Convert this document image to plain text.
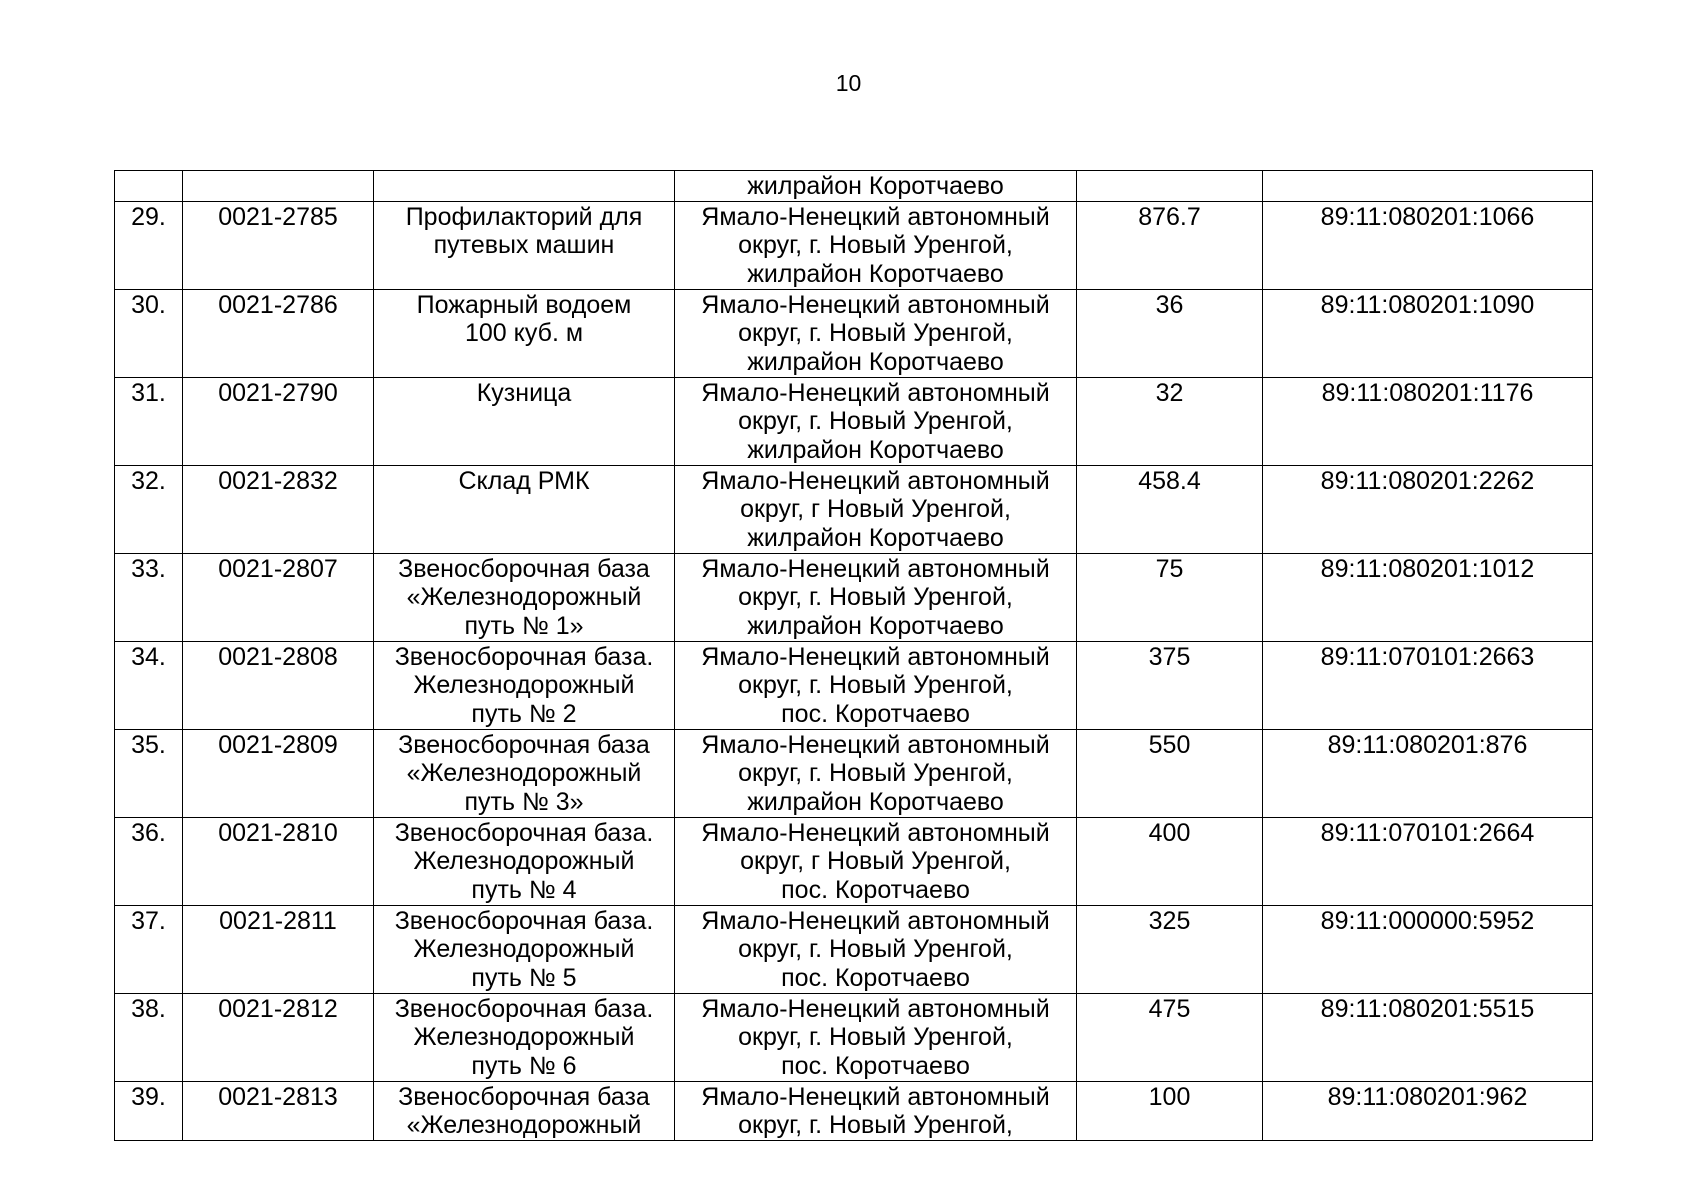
10

			жилрайон Коротчаево		

29.	0021-2785	Профилакторий для
путевых машин	Ямало-Ненецкий автономный
округ, г. Новый Уренгой,
жилрайон Коротчаево	876.7	89:11:080201:1066
30.	0021-2786	Пожарный водоем
100 куб. м	Ямало-Ненецкий автономный
округ, г. Новый Уренгой,
жилрайон Коротчаево	36	89:11:080201:1090
31.	0021-2790	Кузница	Ямало-Ненецкий автономный
округ, г. Новый Уренгой,
жилрайон Коротчаево	32	89:11:080201:1176
32.	0021-2832	Склад РМК	Ямало-Ненецкий автономный
округ, г Новый Уренгой,
жилрайон Коротчаево	458.4	89:11:080201:2262
33.	0021-2807	Звеносборочная база
«Железнодорожный
путь № 1»	Ямало-Ненецкий автономный
округ, г. Новый Уренгой,
жилрайон Коротчаево	75	89:11:080201:1012
34.	0021-2808	Звеносборочная база.
Железнодорожный
путь № 2	Ямало-Ненецкий автономный
округ, г. Новый Уренгой,
пос. Коротчаево	375	89:11:070101:2663
35.	0021-2809	Звеносборочная база
«Железнодорожный
путь № 3»	Ямало-Ненецкий автономный
округ, г. Новый Уренгой,
жилрайон Коротчаево	550	89:11:080201:876
36.	0021-2810	Звеносборочная база.
Железнодорожный
путь № 4	Ямало-Ненецкий автономный
округ, г Новый Уренгой,
пос. Коротчаево	400	89:11:070101:2664
37.	0021-2811	Звеносборочная база.
Железнодорожный
путь № 5	Ямало-Ненецкий автономный
округ, г. Новый Уренгой,
пос. Коротчаево	325	89:11:000000:5952
38.	0021-2812	Звеносборочная база.
Железнодорожный
путь № 6	Ямало-Ненецкий автономный
округ, г. Новый Уренгой,
пос. Коротчаево	475	89:11:080201:5515
39.	0021-2813	Звеносборочная база
«Железнодорожный	Ямало-Ненецкий автономный
округ, г. Новый Уренгой,	100	89:11:080201:962
